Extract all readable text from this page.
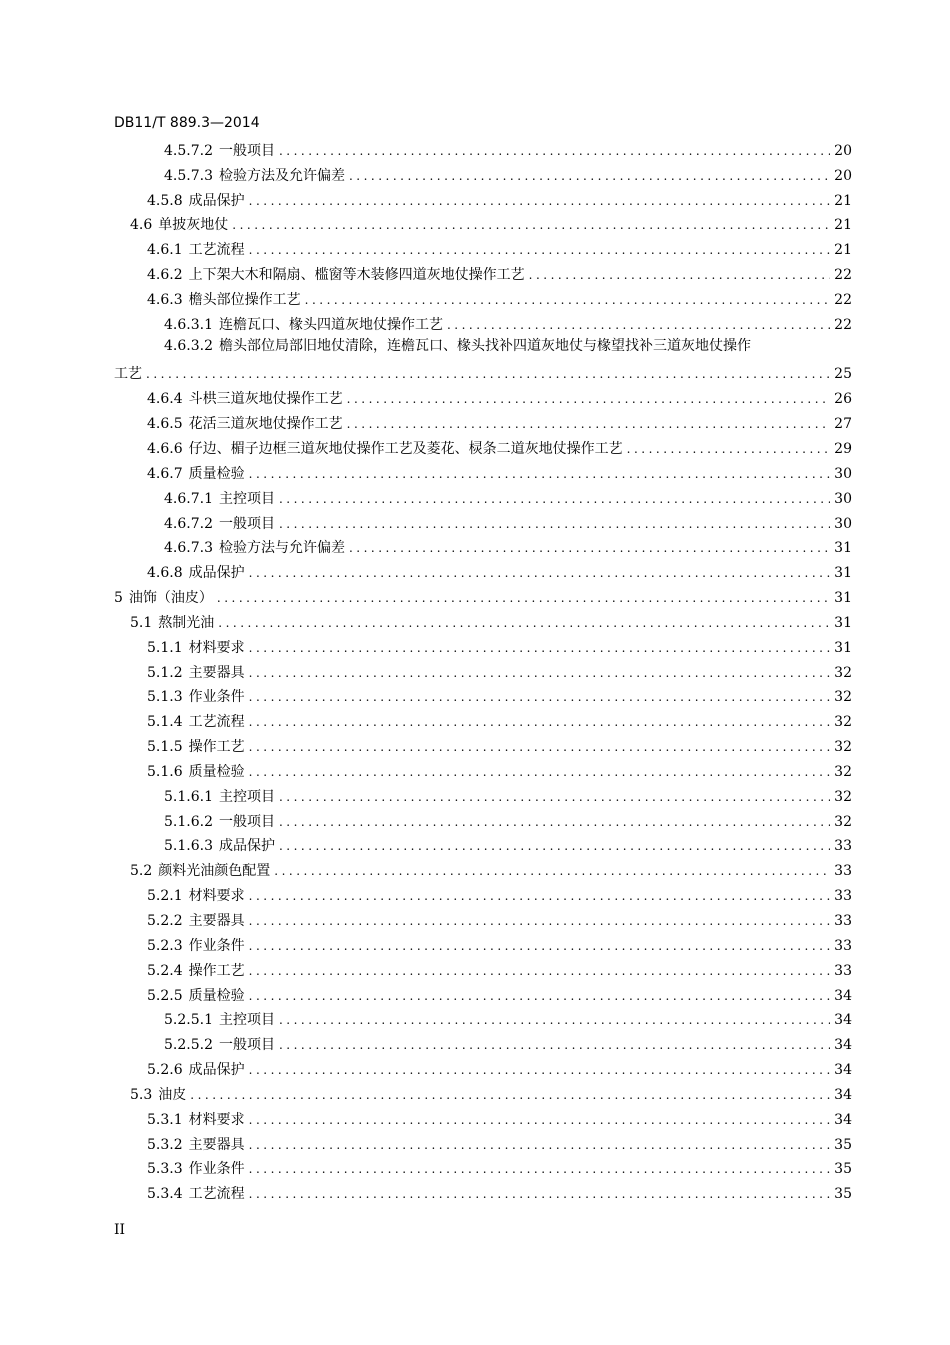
DB11/T 889.3—2014
4.5.7.2 一般项目 .....	20
4.5.7.3 检验方法及允许偏差 .....	20
4.5.8 成品保护 .....	21
4.6 单披灰地仗 .....	21
4.6.1 工艺流程 .....	21
4.6.2 上下架大木和隔扇、槛窗等木装修四道灰地仗操作工艺 .....	22
4.6.3 檐头部位操作工艺 .....	22
4.6.3.1 连檐瓦口、椽头四道灰地仗操作工艺 .....	22
4.6.3.2 檐头部位局部旧地仗清除，连檐瓦口、椽头找补四道灰地仗与椽望找补三道灰地仗操作
工艺 .....	25
4.6.4 斗栱三道灰地仗操作工艺 .....	26
4.6.5 花活三道灰地仗操作工艺 .....	27
4.6.6 仔边、楣子边框三道灰地仗操作工艺及菱花、棂条二道灰地仗操作工艺 .....	29
4.6.7 质量检验 .....	30
4.6.7.1 主控项目 .....	30
4.6.7.2 一般项目 .....	30
4.6.7.3 检验方法与允许偏差 .....	31
4.6.8 成品保护 .....	31
5 油饰（油皮） .....	31
5.1 熬制光油 .....	31
5.1.1 材料要求 .....	31
5.1.2 主要器具 .....	32
5.1.3 作业条件 .....	32
5.1.4 工艺流程 .....	32
5.1.5 操作工艺 .....	32
5.1.6 质量检验 .....	32
5.1.6.1 主控项目 .....	32
5.1.6.2 一般项目 .....	32
5.1.6.3 成品保护 .....	33
5.2 颜料光油颜色配置 .....	33
5.2.1 材料要求 .....	33
5.2.2 主要器具 .....	33
5.2.3 作业条件 .....	33
5.2.4 操作工艺 .....	33
5.2.5 质量检验 .....	34
5.2.5.1 主控项目 .....	34
5.2.5.2 一般项目 .....	34
5.2.6 成品保护 .....	34
5.3 油皮 .....	34
5.3.1 材料要求 .....	34
5.3.2 主要器具 .....	35
5.3.3 作业条件 .....	35
5.3.4 工艺流程 .....	35
II
